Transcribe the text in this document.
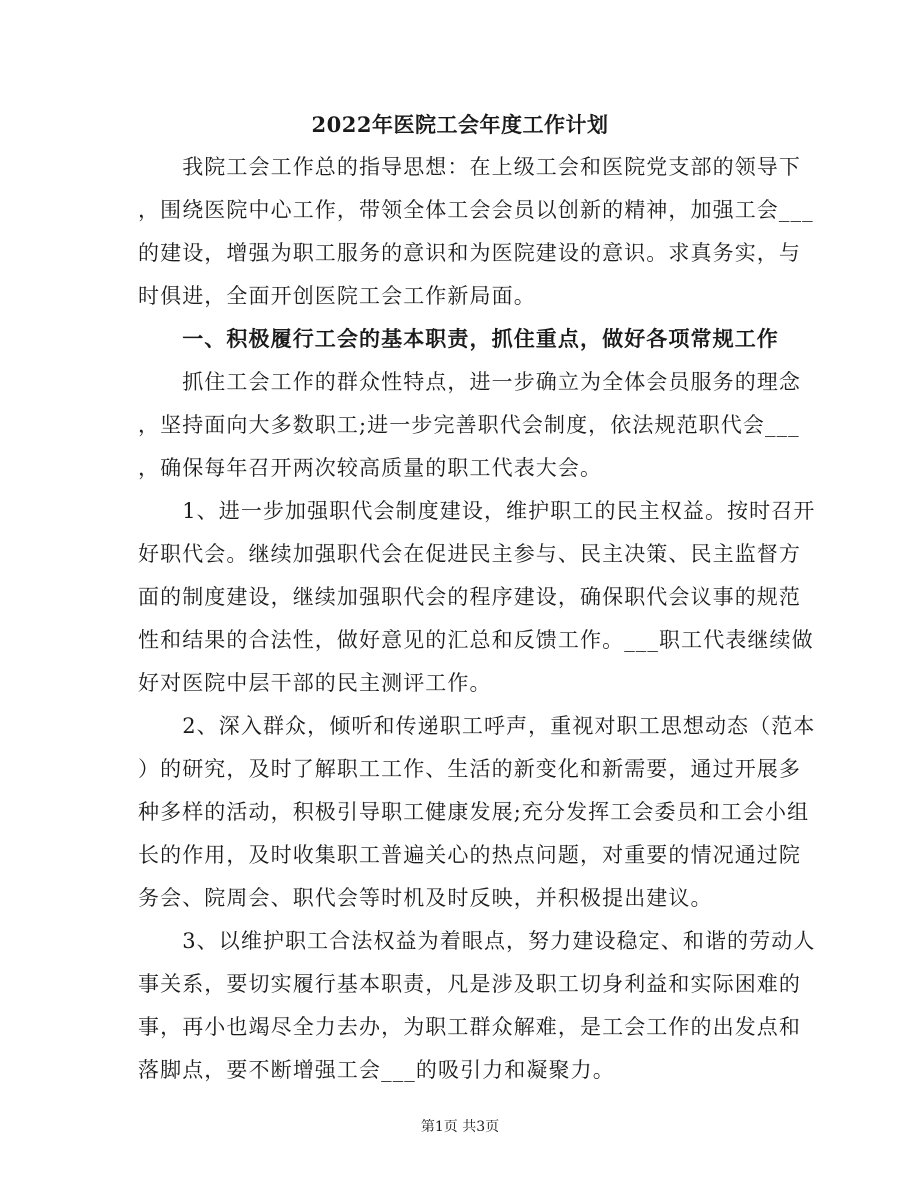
2022年医院工会年度工作计划
　　我院工会工作总的指导思想：在上级工会和医院党支部的领导下
，围绕医院中心工作，带领全体工会会员以创新的精神，加强工会___
的建设，增强为职工服务的意识和为医院建设的意识。求真务实，与
时俱进，全面开创医院工会工作新局面。
　　一、积极履行工会的基本职责，抓住重点，做好各项常规工作
　　抓住工会工作的群众性特点，进一步确立为全体会员服务的理念
，坚持面向大多数职工;进一步完善职代会制度，依法规范职代会___
，确保每年召开两次较高质量的职工代表大会。
　　1、进一步加强职代会制度建设，维护职工的民主权益。按时召开
好职代会。继续加强职代会在促进民主参与、民主决策、民主监督方
面的制度建设，继续加强职代会的程序建设，确保职代会议事的规范
性和结果的合法性，做好意见的汇总和反馈工作。___职工代表继续做
好对医院中层干部的民主测评工作。
　　2、深入群众，倾听和传递职工呼声，重视对职工思想动态（范本
）的研究，及时了解职工工作、生活的新变化和新需要，通过开展多
种多样的活动，积极引导职工健康发展;充分发挥工会委员和工会小组
长的作用，及时收集职工普遍关心的热点问题，对重要的情况通过院
务会、院周会、职代会等时机及时反映，并积极提出建议。
　　3、以维护职工合法权益为着眼点，努力建设稳定、和谐的劳动人
事关系，要切实履行基本职责，凡是涉及职工切身利益和实际困难的
事，再小也竭尽全力去办，为职工群众解难，是工会工作的出发点和
落脚点，要不断增强工会___的吸引力和凝聚力。
第1页 共3页
